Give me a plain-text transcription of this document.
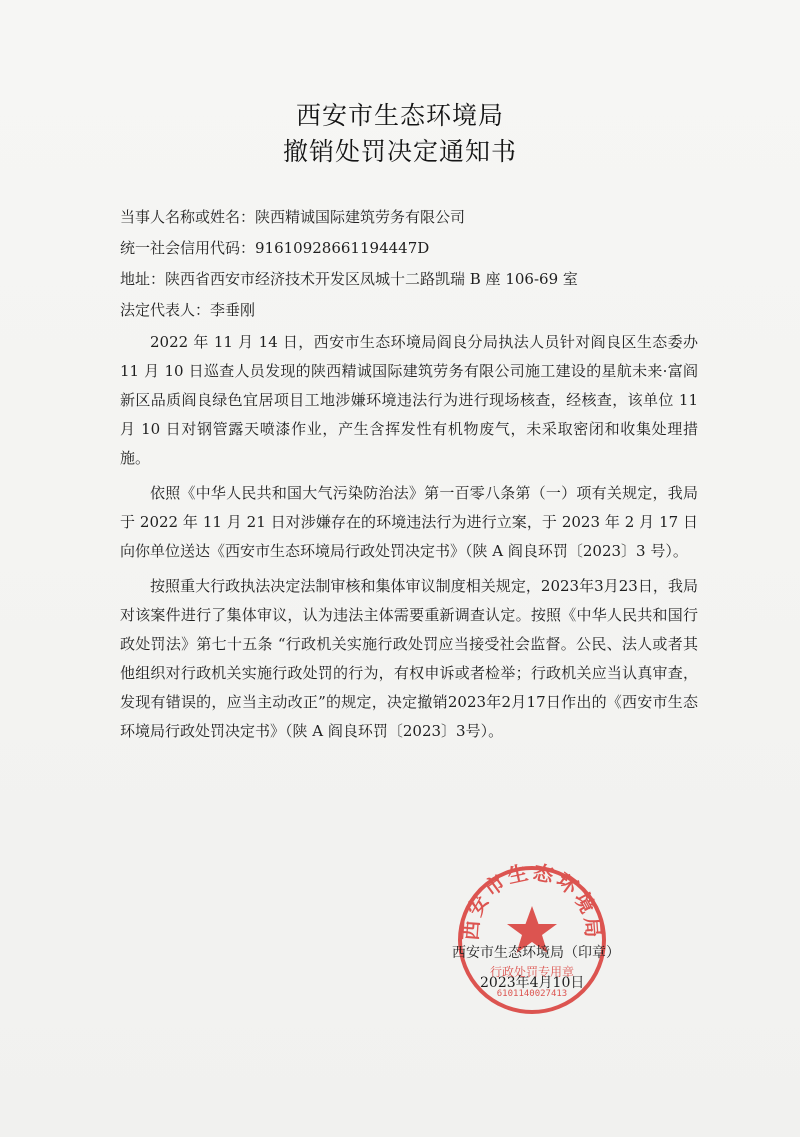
西安市生态环境局
撤销处罚决定通知书
当事人名称或姓名：陕西精诚国际建筑劳务有限公司
统一社会信用代码：91610928661194447D
地址：陕西省西安市经济技术开发区凤城十二路凯瑞 B 座 106-69 室
法定代表人：李垂刚

2022 年 11 月 14 日，西安市生态环境局阎良分局执法人员针对阎良区生态委办 11 月 10 日巡查人员发现的陕西精诚国际建筑劳务有限公司施工建设的星航未来·富阎新区品质阎良绿色宜居项目工地涉嫌环境违法行为进行现场核查，经核查，该单位 11 月 10 日对钢管露天喷漆作业，产生含挥发性有机物废气，未采取密闭和收集处理措施。

依照《中华人民共和国大气污染防治法》第一百零八条第（一）项有关规定，我局于 2022 年 11 月 21 日对涉嫌存在的环境违法行为进行立案，于 2023 年 2 月 17 日向你单位送达《西安市生态环境局行政处罚决定书》（陕 A 阎良环罚〔2023〕3 号）。

按照重大行政执法决定法制审核和集体审议制度相关规定，2023年3月23日，我局对该案件进行了集体审议，认为违法主体需要重新调查认定。按照《中华人民共和国行政处罚法》第七十五条 “行政机关实施行政处罚应当接受社会监督。公民、法人或者其他组织对行政机关实施行政处罚的行为，有权申诉或者检举；行政机关应当认真审查，发现有错误的，应当主动改正”的规定，决定撤销2023年2月17日作出的《西安市生态环境局行政处罚决定书》（陕 A 阎良环罚〔2023〕3号）。

西安市生态环境局
行政处罚专用章
6101140027413
西安市生态环境局（印章）
2023年4月10日
